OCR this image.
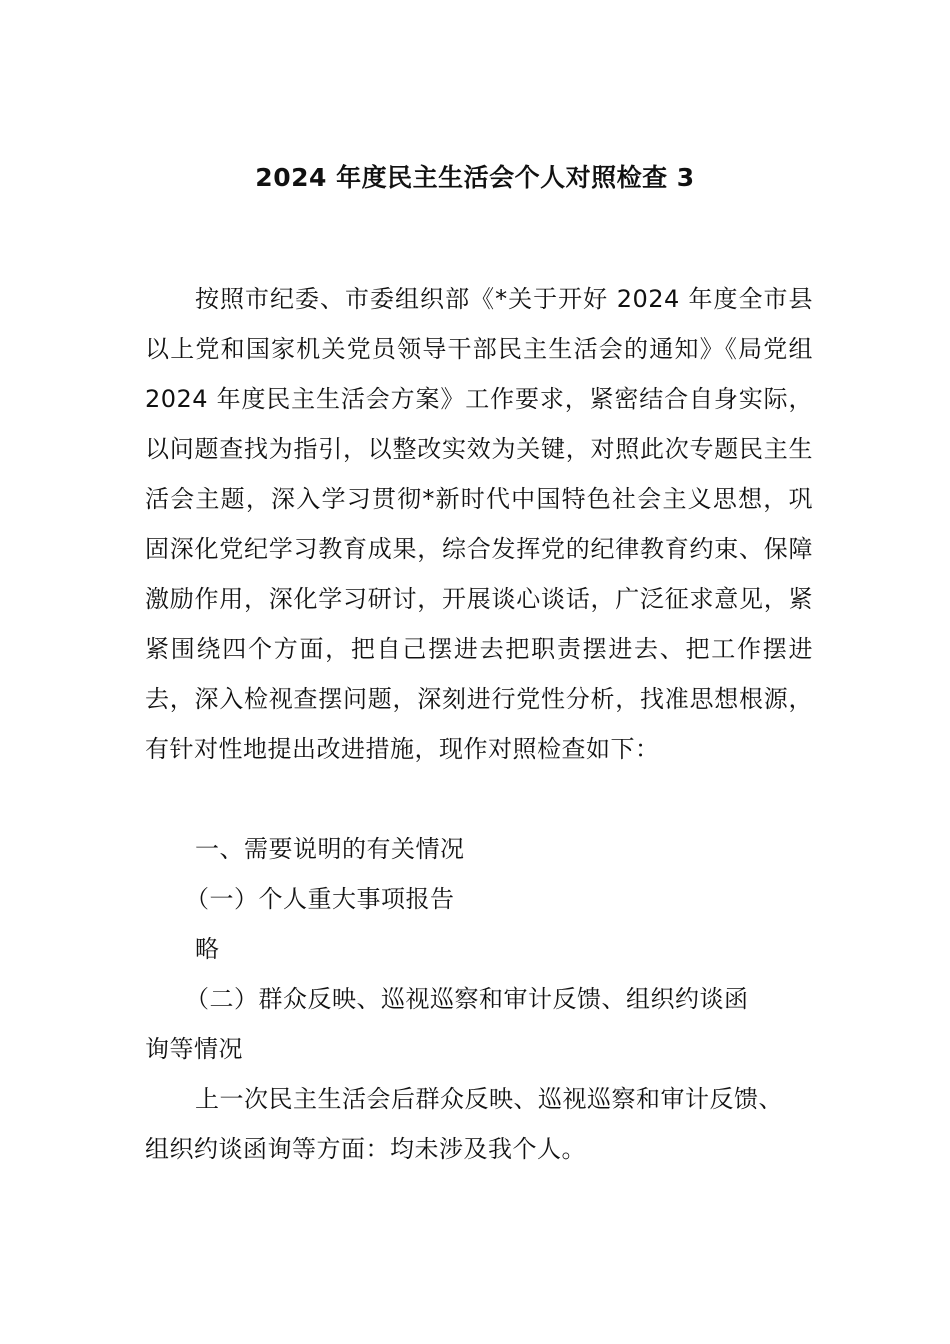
2024 年度民主生活会个人对照检查 3

按照市纪委、市委组织部《*关于开好 2024 年度全市县以上党和国家机关党员领导干部民主生活会的通知》《局党组 2024 年度民主生活会方案》工作要求，紧密结合自身实际，以问题查找为指引，以整改实效为关键，对照此次专题民主生活会主题，深入学习贯彻*新时代中国特色社会主义思想，巩固深化党纪学习教育成果，综合发挥党的纪律教育约束、保障激励作用，深化学习研讨，开展谈心谈话，广泛征求意见，紧紧围绕四个方面，把自己摆进去把职责摆进去、把工作摆进去，深入检视查摆问题，深刻进行党性分析，找准思想根源，有针对性地提出改进措施，现作对照检查如下：

一、需要说明的有关情况
（一）个人重大事项报告
略
（二）群众反映、巡视巡察和审计反馈、组织约谈函
询等情况
上一次民主生活会后群众反映、巡视巡察和审计反馈、
组织约谈函询等方面：均未涉及我个人。
